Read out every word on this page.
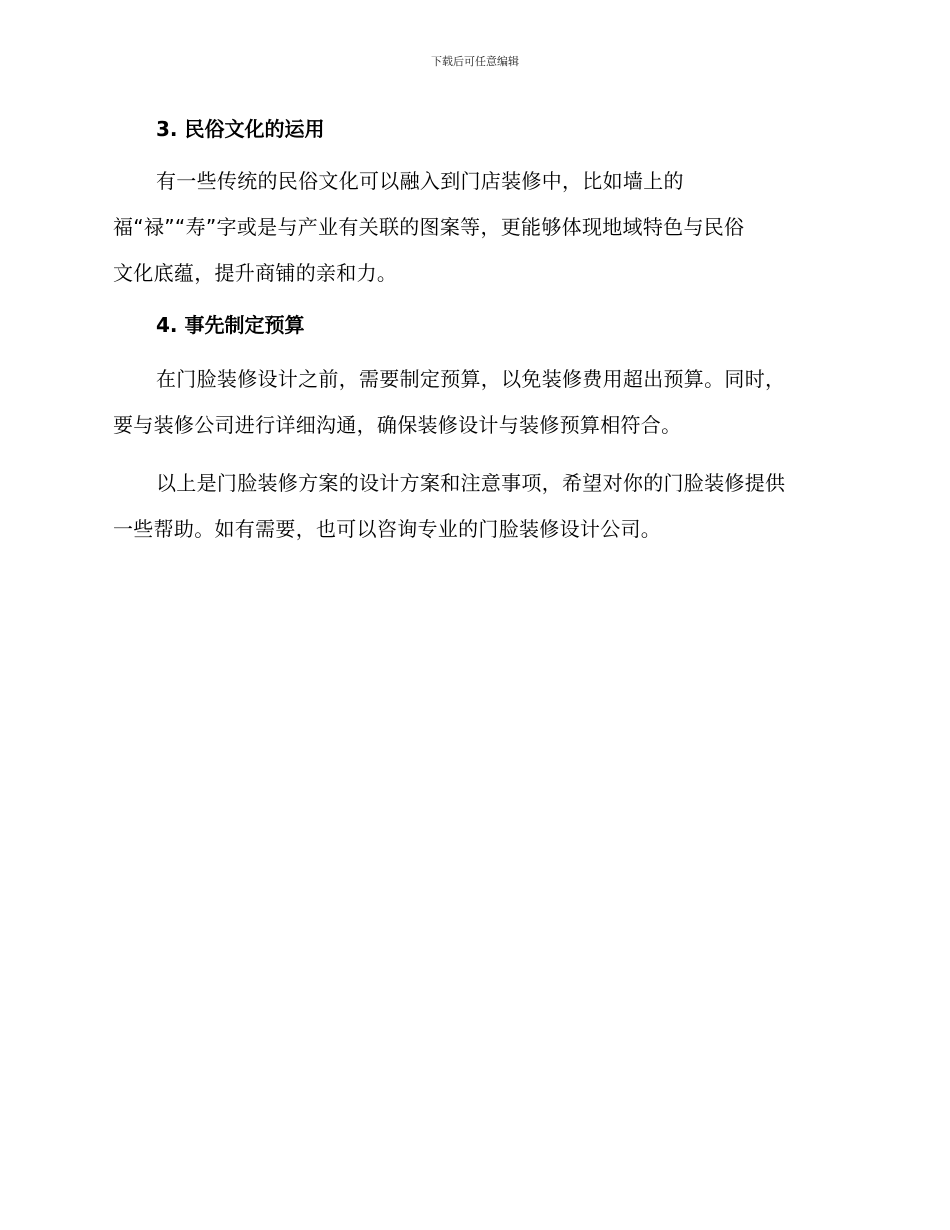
下载后可任意编辑
3. 民俗文化的运用

有一些传统的民俗文化可以融入到门店装修中，比如墙上的
福“禄”“寿”字或是与产业有关联的图案等，更能够体现地域特色与民俗
文化底蕴，提升商铺的亲和力。

4. 事先制定预算

在门脸装修设计之前，需要制定预算，以免装修费用超出预算。同时，
要与装修公司进行详细沟通，确保装修设计与装修预算相符合。

以上是门脸装修方案的设计方案和注意事项，希望对你的门脸装修提供
一些帮助。如有需要，也可以咨询专业的门脸装修设计公司。
